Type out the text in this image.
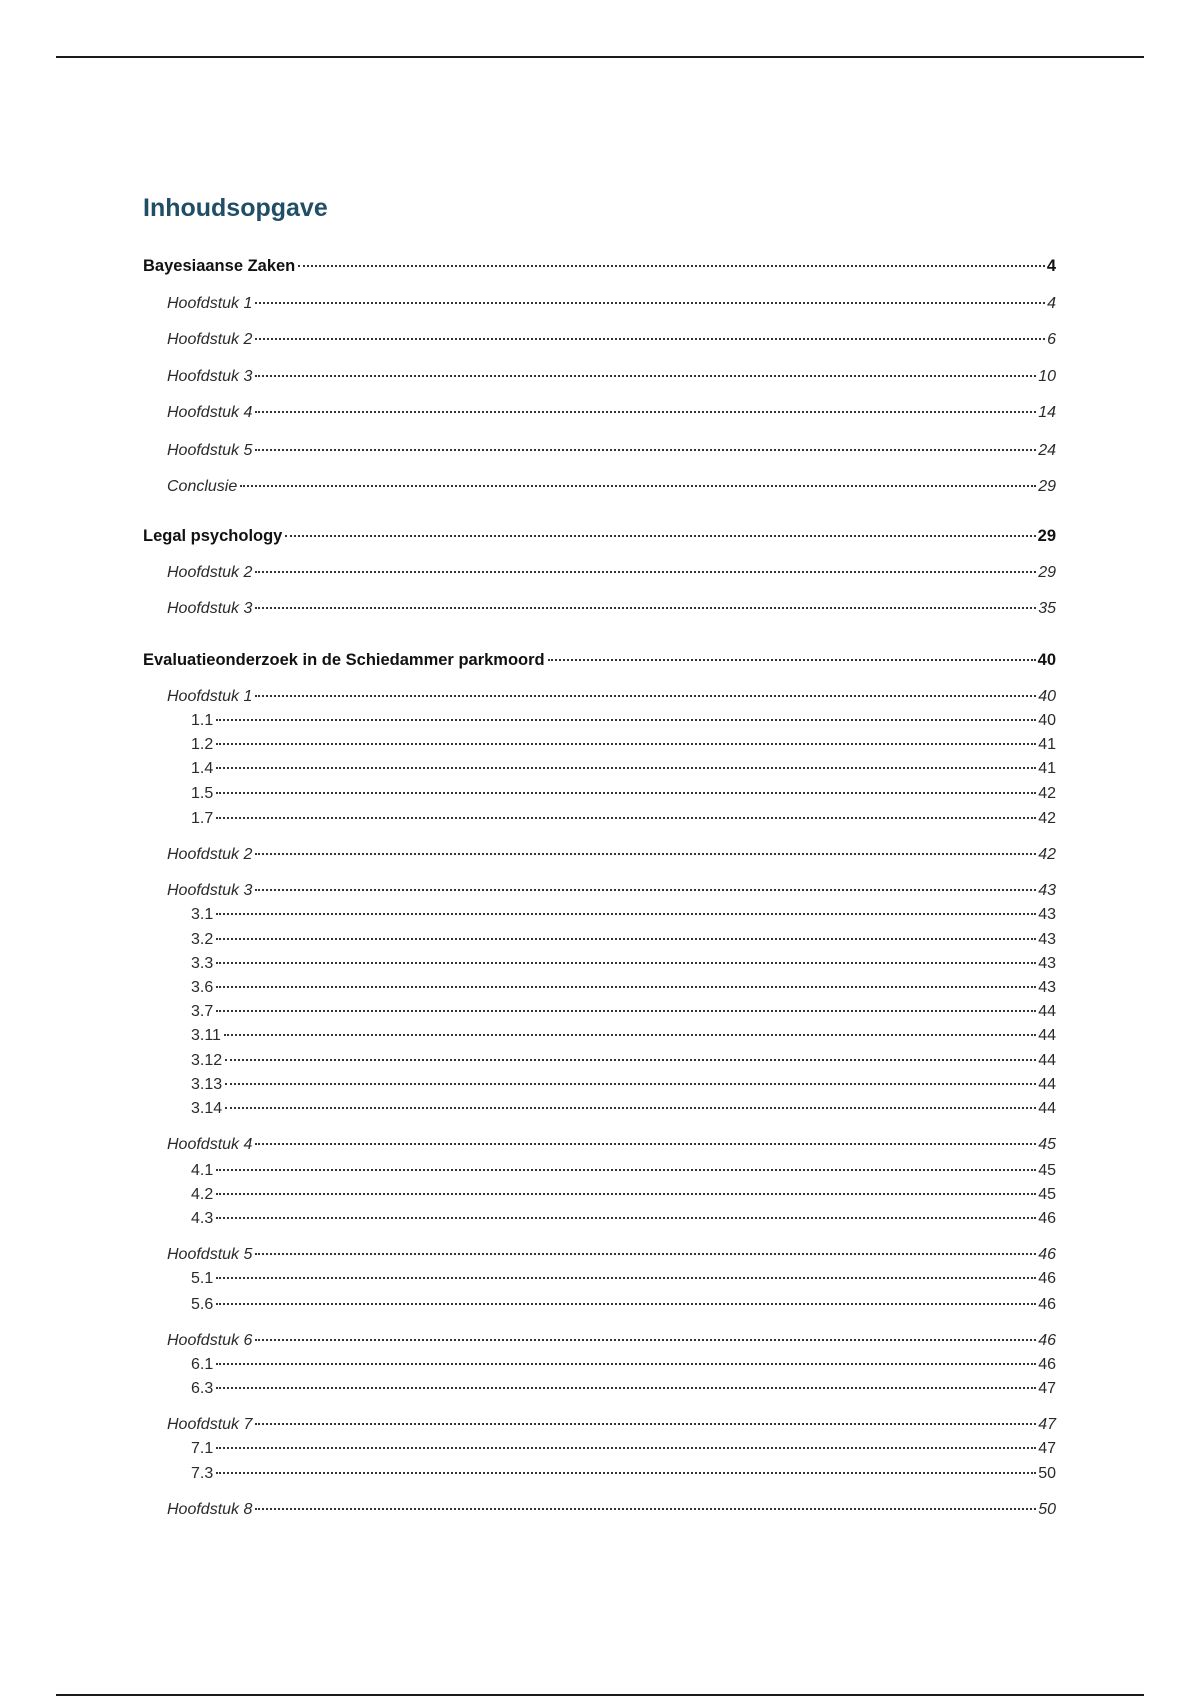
Inhoudsopgave
Bayesiaanse Zaken	4
Hoofdstuk 1	4
Hoofdstuk 2	6
Hoofdstuk 3	10
Hoofdstuk 4	14
Hoofdstuk 5	24
Conclusie	29
Legal psychology	29
Hoofdstuk 2	29
Hoofdstuk 3	35
Evaluatieonderzoek in de Schiedammer parkmoord	40
Hoofdstuk 1	40
1.1	40
1.2	41
1.4	41
1.5	42
1.7	42
Hoofdstuk 2	42
Hoofdstuk 3	43
3.1	43
3.2	43
3.3	43
3.6	43
3.7	44
3.11	44
3.12	44
3.13	44
3.14	44
Hoofdstuk 4	45
4.1	45
4.2	45
4.3	46
Hoofdstuk 5	46
5.1	46
5.6	46
Hoofdstuk 6	46
6.1	46
6.3	47
Hoofdstuk 7	47
7.1	47
7.3	50
Hoofdstuk 8	50
